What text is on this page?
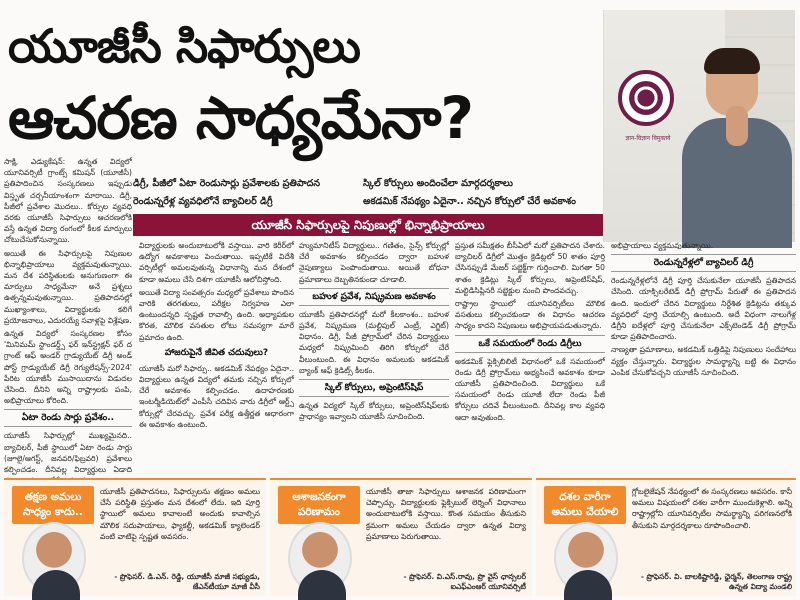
యూజీసీ సిఫార్సులు
ఆచరణ సాధ్యమేనా?	ज्ञान-विज्ञान विमुक्तये
డిగ్రీ, పీజీలో ఏటా రెండుసార్లు ప్రవేశాలకు ప్రతిపాదన	స్కిల్ కోర్సులు అందించేలా మార్గదర్శకాలు
రెండున్నరేళ్ల వ్యవధిలోనే బ్యాచిలర్ డిగ్రీ	అకడమిక్ నేపథ్యం ఏదైనా.. నచ్చిన కోర్సులో చేరే అవకాశం
యూజీసీ సిఫార్సులపై నిపుణుల్లో భిన్నాభిప్రాయాలు

సాక్షి, ఎడ్యుకేషన్‌: ఉన్నత విద్యలో యూనివర్సిటీ గ్రాంట్స్ కమిషన్ (యూజీసీ) ప్రతిపాదించిన సంస్కరణలు ఇప్పుడు విస్తృత చర్చనీయాంశంగా మారాయి. డిగ్రీ, పీజీలో ప్రవేశాల మొదలు.. కోర్సుల వ్యవధి వరకు యూజీసీ సిఫార్సులు ఆచరణలోకి వస్తే ఉన్నత విద్యా రంగంలో కీలక మార్పులు చోటుచేసుకోనున్నాయి.

అయితే ఈ సిఫార్సులపై నిపుణుల భిన్నాభిప్రాయాలు వ్యక్తమవుతున్నాయి. మన దేశ పరిస్థితులకు అనుగుణంగా ఈ మార్పులు సాధ్యమేనా అనే ప్రశ్నలు ఉత్పన్నమవుతున్నాయి. ప్రతిపాదనల్లో ముఖ్యాంశాలు, విద్యార్థులకు కలిగే ప్రయోజనాలు, ఎదురయ్యే సవాళ్లపై విశ్లేషణ.

ఉన్నత విద్యలో సంస్కరణల కోసం 'మినిమమ్ స్టాండర్డ్స్ ఫర్ ఇన్‌స్ట్రక్షన్ ఫర్ ద గ్రాంట్ ఆఫ్ అండర్ గ్రాడ్యుయేట్ డిగ్రీ అండ్ పోస్ట్ గ్రాడ్యుయేట్ డిగ్రీ రెగ్యులేషన్స్-2024' పేరిట యూజీసీ ముసాయిదాను విడుదల చేసింది. దీనిని అన్ని రాష్ట్రాలకు పంపి, అభిప్రాయాలు కోరింది.

ఏటా రెండు సార్లు ప్రవేశం..

యూజీసీ సిఫార్సుల్లో ముఖ్యమైనది.. బ్యాచిలర్, పీజీ స్థాయిలో ఏటా రెండు సార్లు (జూలై/ఆగస్ట్, జనవరి/ఫిబ్రవరి) ప్రవేశాలు కల్పించడం. దీనివల్ల విద్యార్థులు ఏడాది

విద్యార్థులకు అందుబాటులోకి వస్తాయి. వారి కెరీర్‌లో ఉద్యోగ అవకాశాలు పెంచుతాయి. ఇప్పటికే విదేశీ వర్సిటీల్లో అమలవుతున్న విధానాన్ని మన దేశంలో కూడా అమలు చేసే దిశగా యూజీసీ ఆలోచిస్తోంది.

అయితే విద్యా సంవత్సరం మధ్యలో ప్రవేశాలు పొందిన వారికి తరగతులు, పరీక్షల నిర్వహణ ఎలా ఉంటుందన్నది స్పష్టత రావాల్సి ఉంది. అధ్యాపకుల కొరత, మౌలిక వసతుల లోటు సమస్యగా మారే ప్రమాదం ఉంది.

హాజరుపైనే జీవిత చదువులు?

యూజీసీ మరో సిఫార్సు.. అకడమిక్ నేపథ్యం ఏదైనా.. విద్యార్థులు ఉన్నత విద్యలో తమకు నచ్చిన కోర్సులో చేరే అవకాశం కల్పించడం. ఉదాహరణకు ఇంటర్మీడియెట్‌లో ఎంపీసీ చదివిన వారు డిగ్రీలో ఆర్ట్స్ కోర్సుల్లో చేరవచ్చు. ప్రవేశ పరీక్ష ఉత్తీర్ణత ఆధారంగా ఈ అవకాశం ఉంటుంది.

హ్యుమానిటీస్ విద్యార్థులు.. గణితం, సైన్స్ కోర్సుల్లో చేరే అవకాశం కల్పించడం ద్వారా బహుళ నైపుణ్యాలు పెంపొందుతాయి. అయితే బోధనా ప్రమాణాలు దెబ్బతినకుండా చూడాలి.

బహుళ ప్రవేశ, నిష్క్రమణ అవకాశం

యూజీసీ ప్రతిపాదనల్లో మరో కీలకాంశం.. బహుళ ప్రవేశ, నిష్క్రమణ (మల్టిపుల్ ఎంట్రీ, ఎగ్జిట్) విధానం. డిగ్రీ, పీజీ ప్రోగ్రామ్‌లో చేరిన విద్యార్థులు మధ్యలో నిష్క్రమించి తిరిగి కోర్సులో చేరే వీలుంటుంది. ఈ విధానం అమలుకు అకడమిక్ బ్యాంక్ ఆఫ్ క్రెడిట్స్ కీలకం.

స్కిల్ కోర్సులు, అప్రెంటిస్‌షిప్

ఉన్నత విద్యలో స్కిల్ కోర్సులు, అప్రెంటిస్‌షిప్‌లకు ప్రాధాన్యం ఇవ్వాలని యూజీసీ సూచించింది.

ప్రస్తుత సమీక్షతం బీసీఏలో మరో ప్రతిపాదన చేశారు. బ్యాచిలర్ డిగ్రీలో మొత్తం క్రెడిట్లలో 50 శాతం పూర్తి చేసినప్పుడే మేజర్ సబ్జెక్ట్‌గా గుర్తించాలి. మిగతా 50 శాతం క్రెడిట్లు స్కిల్ కోర్సులు, అప్రెంటిస్‌షిప్, మల్టిడిసిప్లినరీ సబ్జెక్టుల నుంచి పొందవచ్చు.

రాష్ట్రాల స్థాయిలో యూనివర్సిటీలు మౌలిక వసతులు కల్పించకుండా ఈ విధానం ఆచరణ సాధ్యం కాదని నిపుణులు అభిప్రాయపడుతున్నారు.

ఒకే సమయంలో రెండు డిగ్రీలు

అకడమిక్ ఫ్లెక్సిబిలిటీ విధానంలో ఒకే సమయంలో రెండు డిగ్రీ ప్రోగ్రామ్‌లు అభ్యసించే అవకాశం కూడా యూజీసీ ప్రతిపాదించింది. విద్యార్థులు ఒకే సమయంలో రెండు యూజీ లేదా రెండు పీజీ కోర్సులు చదివే వీలుంటుంది. దీనివల్ల కాల వ్యవధి ఆదా అవుతుంది.

అభిప్రాయాలు వ్యక్తమవుతున్నాయి.

రెండున్నరేళ్లలో బ్యాచిలర్ డిగ్రీ

రెండున్నరేళ్లలోనే డిగ్రీ పూర్తి చేసుకునేలా యూజీసీ ప్రతిపాదన చేసింది. యాక్సిలరేటెడ్ డిగ్రీ ప్రోగ్రామ్ పేరుతో ఈ ప్రతిపాదన ఉంది. ఇందులో చేరిన విద్యార్థులు నిర్దేశిత క్రెడిట్లను తక్కువ వ్యవధిలో పూర్తి చేయాల్సి ఉంటుంది. అదే విధంగా నాలుగేళ్ల డిగ్రీని ఐదేళ్లలో పూర్తి చేసుకునేలా ఎక్స్‌టెండెడ్ డిగ్రీ ప్రోగ్రామ్ కూడా ప్రతిపాదించారు.

నాణ్యతా ప్రమాణాలు, అకడమిక్ ఒత్తిడిపై నిపుణులు సందేహాలు వ్యక్తం చేస్తున్నారు. విద్యార్థుల సామర్థ్యాన్ని బట్టి ఈ విధానం ఎంపిక చేసుకోవచ్చని యూజీసీ సూచించింది.

తక్షణ అమలు సాధ్యం కాదు..
యూజీసీ ప్రతిపాదనలు, సిఫార్సులను తక్షణం అమలు చేసే పరిస్థితి ప్రస్తుతం మన దేశంలో లేదు. ఇది పూర్తి స్థాయిలో అమలు కావాలంటే అందుకు కావాల్సిన మౌలిక సదుపాయాలు, ఫ్యాకల్టీ, అకడమిక్ క్యాలెండర్ వంటి వాటిపై స్పష్టత అవసరం.
- ప్రొఫెసర్. డి.ఎన్. రెడ్డి, యూజీసీ మాజీ సభ్యుడు, జేఎన్‌టీయూ మాజీ వీసీ
ఆశాజనకంగా పరిణామం
యూజీసీ తాజా సిఫార్సులు ఆశాజనక పరిణామంగా చెప్పొచ్చు. విద్యార్థులకు ఫ్లెక్సిబుల్ లెర్నింగ్ విధానాలు అందుబాటులోకి వస్తాయి. కొంత సమయం తీసుకుని క్రమంగా అమలు చేయడం ద్వారా ఉన్నత విద్యా ప్రమాణాలు పెరుగుతాయి.
- ప్రొఫెసర్. వి.ఎస్.రావు, ప్రొ వైస్ ఛాన్సలర్ ఐఎఫ్‌ఎంఆర్ యూనివర్సిటీ
దశల వారీగా అమలు చేయాలి
గ్లోబలైజేషన్ నేపథ్యంలో ఈ సంస్కరణలు అవసరం. కానీ అమలు విషయంలో దశల వారీగా ముందుకెళ్లాలి. అన్ని రాష్ట్రాల్లోని యూనివర్సిటీల సామర్థ్యాన్ని పరిగణనలోకి తీసుకుని మార్గదర్శకాలు రూపొందించాలి.
- ప్రొఫెసర్. వి. బాలకిష్టారెడ్డి, ఛైర్మన్, తెలంగాణ రాష్ట్ర ఉన్నత విద్యా మండలి
